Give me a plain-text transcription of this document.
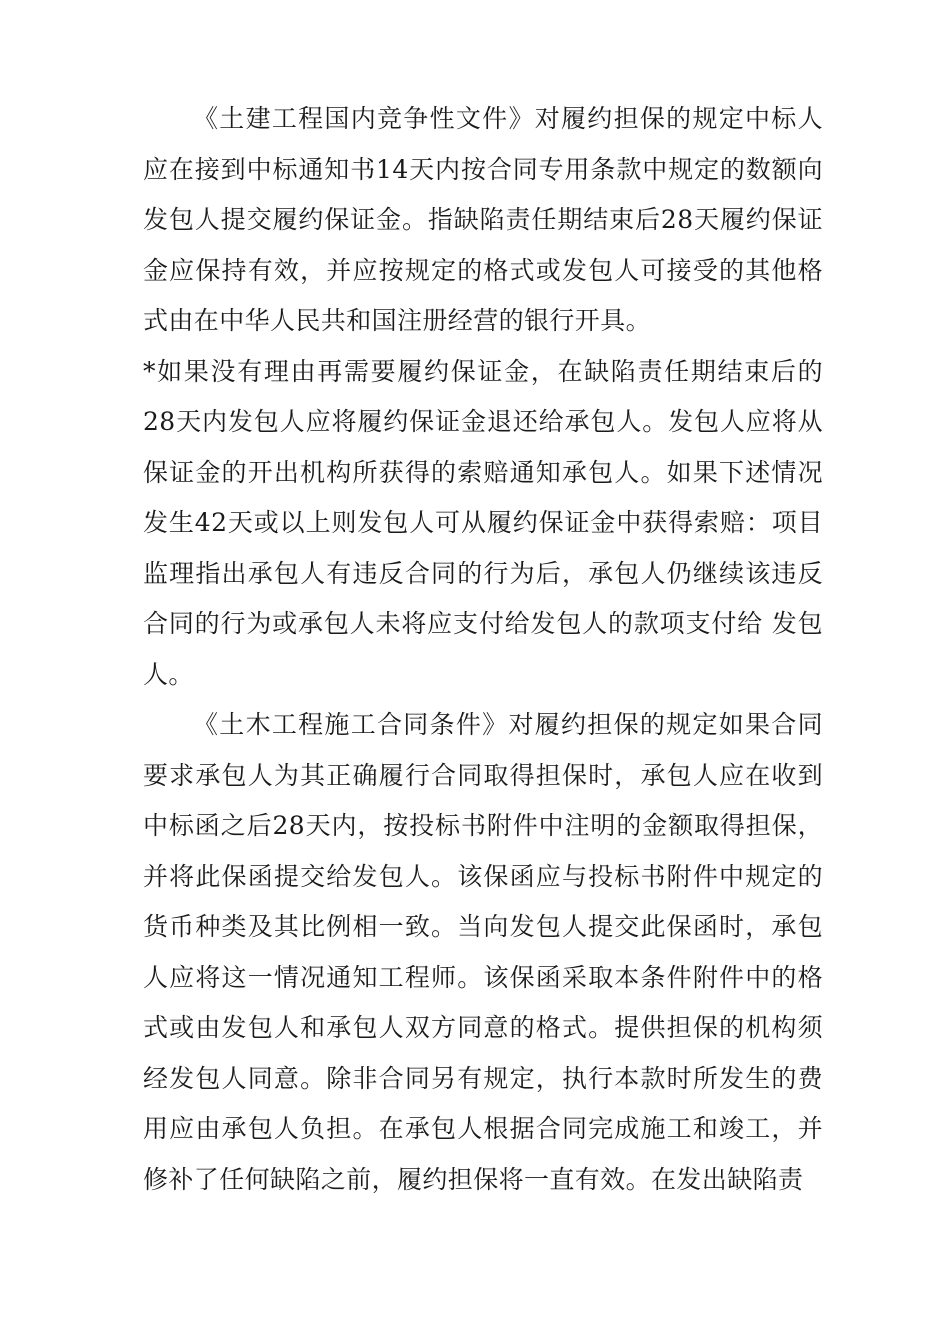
《土建工程国内竞争性文件》对履约担保的规定中标人应在接到中标通知书14天内按合同专用条款中规定的数额向发包人提交履约保证金。指缺陷责任期结束后28天履约保证金应保持有效，并应按规定的格式或发包人可接受的其他格式由在中华人民共和国注册经营的银行开具。

*如果没有理由再需要履约保证金，在缺陷责任期结束后的28天内发包人应将履约保证金退还给承包人。发包人应将从保证金的开出机构所获得的索赔通知承包人。如果下述情况发生42天或以上则发包人可从履约保证金中获得索赔：项目监理指出承包人有违反合同的行为后，承包人仍继续该违反合同的行为或承包人未将应支付给发包人的款项支付给 发包人。

《土木工程施工合同条件》对履约担保的规定如果合同要求承包人为其正确履行合同取得担保时，承包人应在收到中标函之后28天内，按投标书附件中注明的金额取得担保，并将此保函提交给发包人。该保函应与投标书附件中规定的货币种类及其比例相一致。当向发包人提交此保函时，承包人应将这一情况通知工程师。该保函采取本条件附件中的格式或由发包人和承包人双方同意的格式。提供担保的机构须经发包人同意。除非合同另有规定，执行本款时所发生的费用应由承包人负担。在承包人根据合同完成施工和竣工，并修补了任何缺陷之前，履约担保将一直有效。在发出缺陷责
